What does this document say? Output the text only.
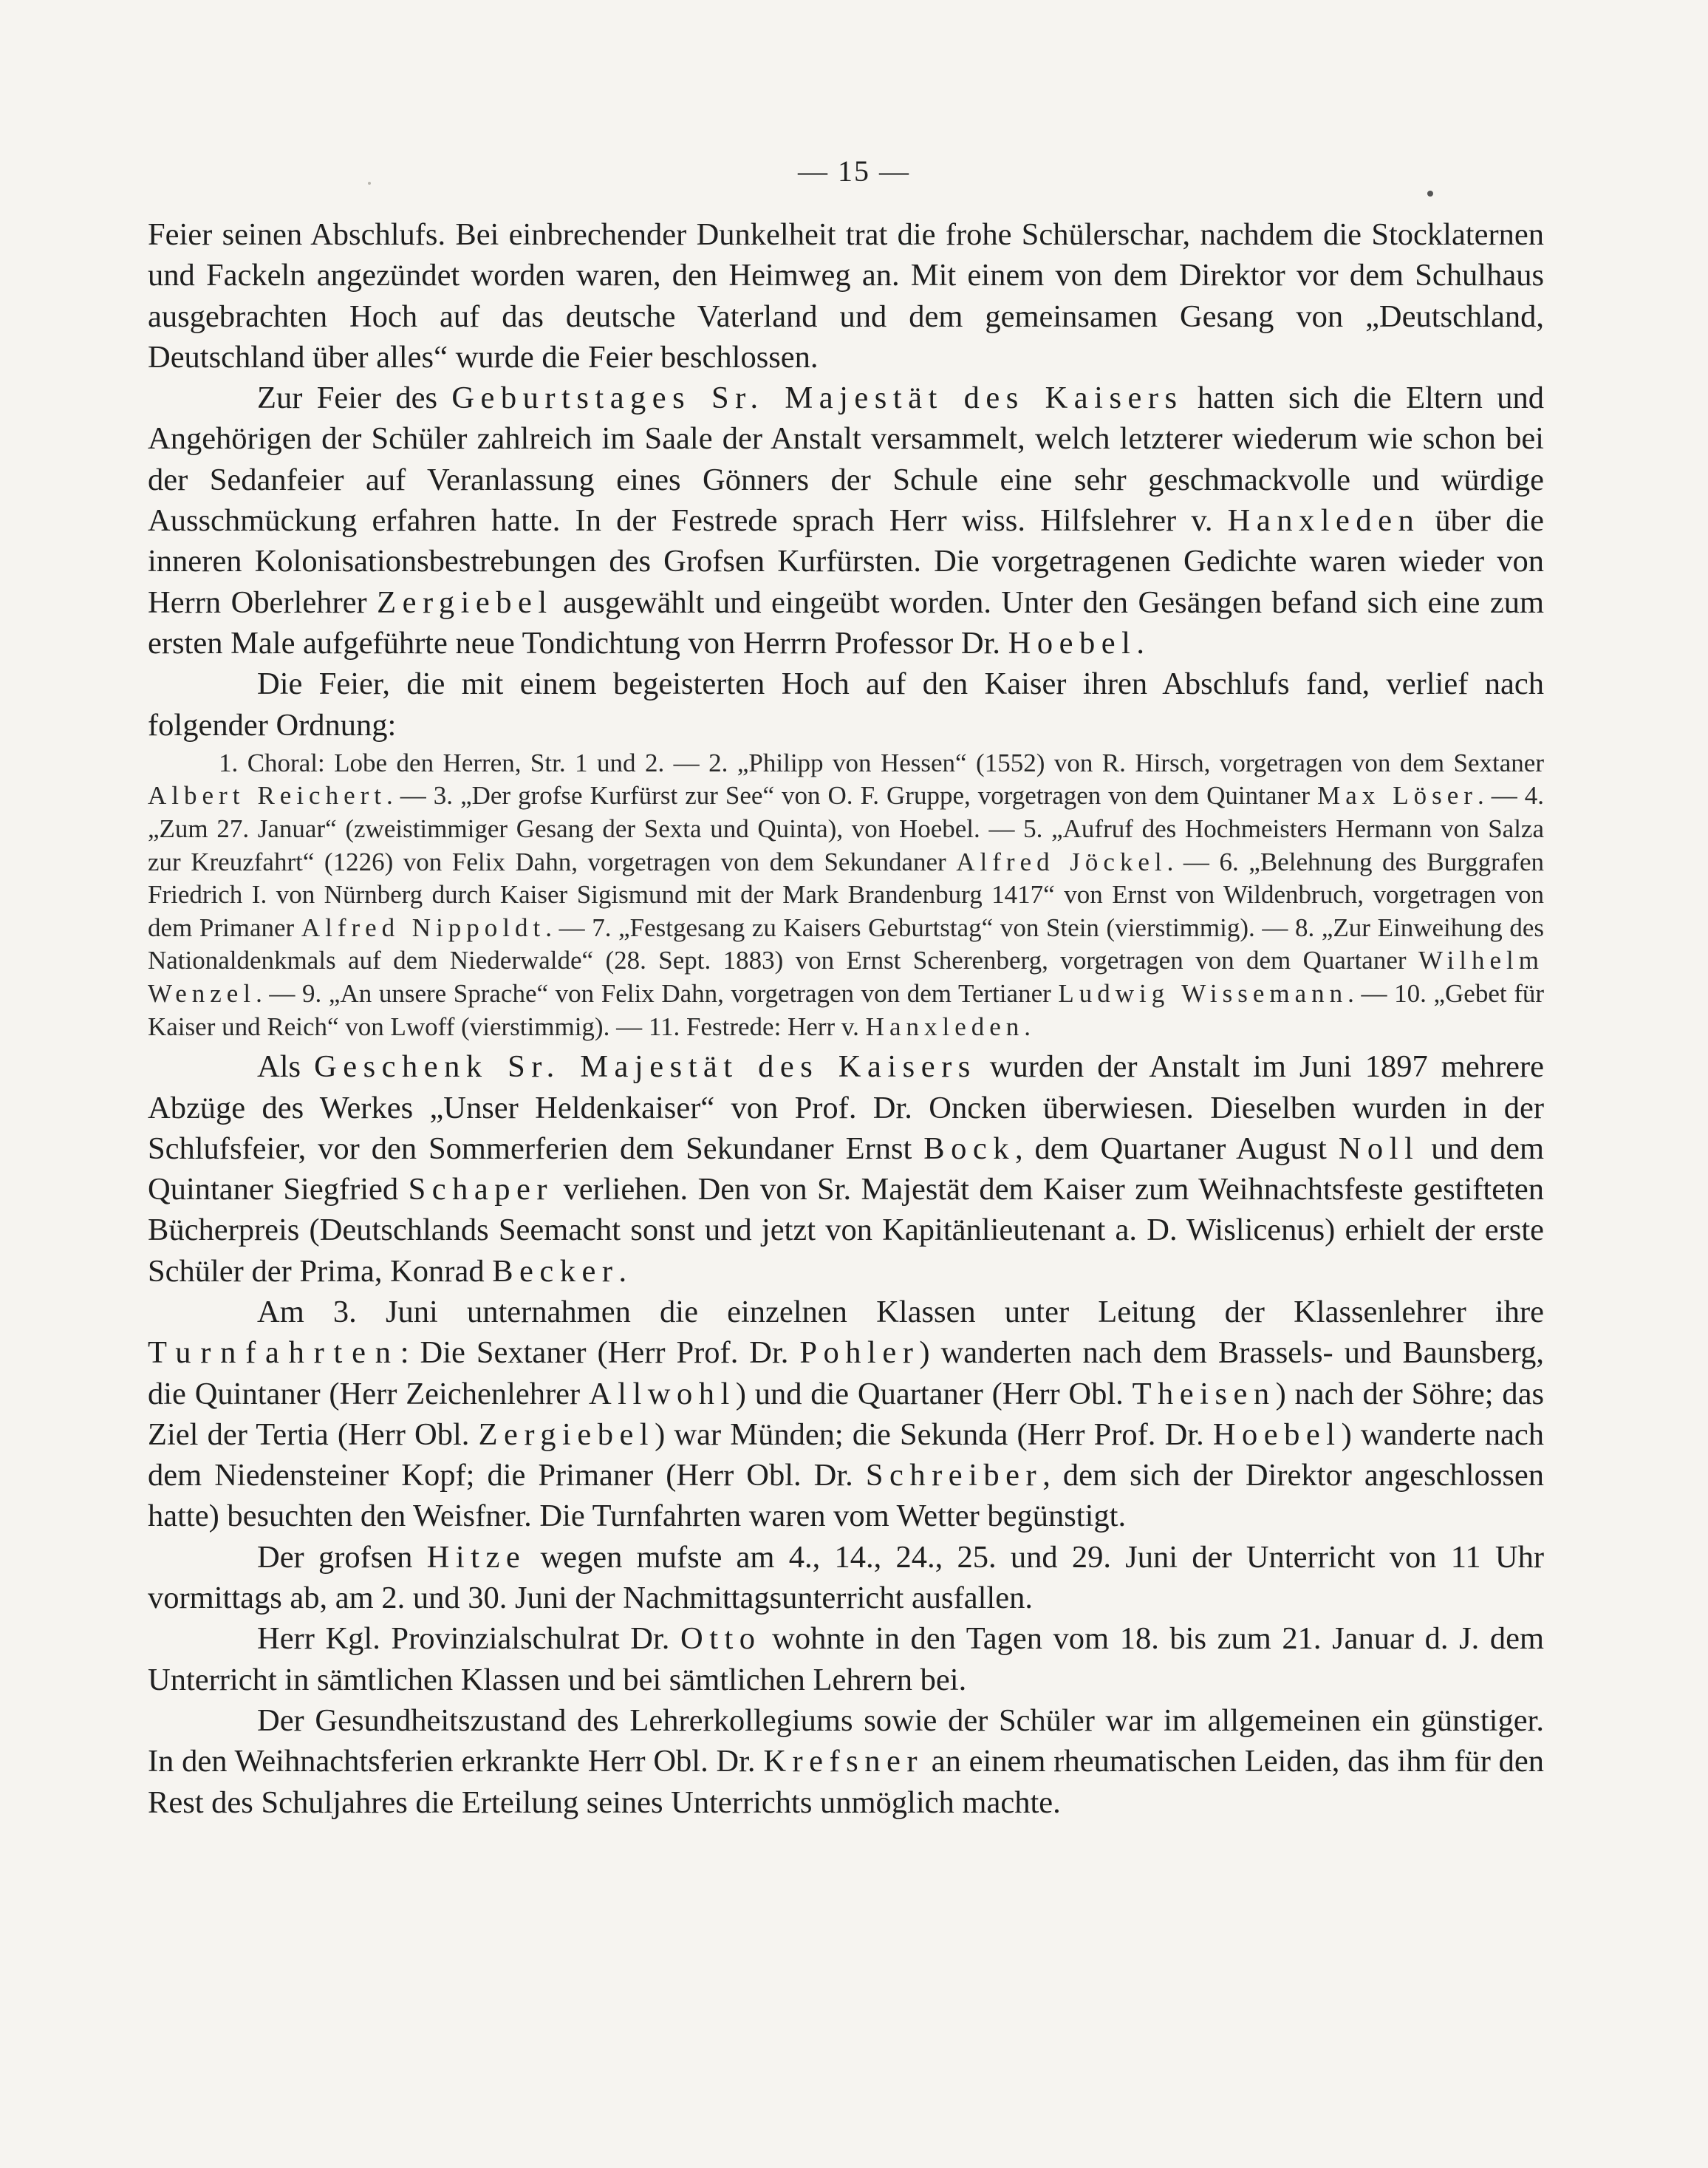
— 15 —

Feier seinen Abschlufs. Bei einbrechender Dunkelheit trat die frohe Schülerschar, nachdem die Stocklaternen und Fackeln angezündet worden waren, den Heimweg an. Mit einem von dem Direktor vor dem Schulhaus ausgebrachten Hoch auf das deutsche Vaterland und dem gemeinsamen Gesang von „Deutschland, Deutschland über alles“ wurde die Feier beschlossen.

Zur Feier des Geburtstages Sr. Majestät des Kaisers hatten sich die Eltern und Angehörigen der Schüler zahlreich im Saale der Anstalt versammelt, welch letzterer wiederum wie schon bei der Sedanfeier auf Veranlassung eines Gönners der Schule eine sehr geschmackvolle und würdige Ausschmückung erfahren hatte. In der Festrede sprach Herr wiss. Hilfslehrer v. Hanxleden über die inneren Kolonisationsbestrebungen des Grofsen Kurfürsten. Die vorgetragenen Gedichte waren wieder von Herrn Oberlehrer Zergiebel ausgewählt und eingeübt worden. Unter den Gesängen befand sich eine zum ersten Male aufgeführte neue Tondichtung von Herrrn Professor Dr. Hoebel.

Die Feier, die mit einem begeisterten Hoch auf den Kaiser ihren Abschlufs fand, verlief nach folgender Ordnung:

1. Choral: Lobe den Herren, Str. 1 und 2. — 2. „Philipp von Hessen“ (1552) von R. Hirsch, vorgetragen von dem Sextaner Albert Reichert. — 3. „Der grofse Kurfürst zur See“ von O. F. Gruppe, vorgetragen von dem Quintaner Max Löser. — 4. „Zum 27. Januar“ (zweistimmiger Gesang der Sexta und Quinta), von Hoebel. — 5. „Aufruf des Hochmeisters Hermann von Salza zur Kreuzfahrt“ (1226) von Felix Dahn, vorgetragen von dem Sekundaner Alfred Jöckel. — 6. „Belehnung des Burggrafen Friedrich I. von Nürnberg durch Kaiser Sigismund mit der Mark Brandenburg 1417“ von Ernst von Wildenbruch, vorgetragen von dem Primaner Alfred Nippoldt. — 7. „Festgesang zu Kaisers Geburtstag“ von Stein (vierstimmig). — 8. „Zur Einweihung des Nationaldenkmals auf dem Niederwalde“ (28. Sept. 1883) von Ernst Scherenberg, vorgetragen von dem Quartaner Wilhelm Wenzel. — 9. „An unsere Sprache“ von Felix Dahn, vorgetragen von dem Tertianer Ludwig Wissemann. — 10. „Gebet für Kaiser und Reich“ von Lwoff (vierstimmig). — 11. Festrede: Herr v. Hanxleden.

Als Geschenk Sr. Majestät des Kaisers wurden der Anstalt im Juni 1897 mehrere Abzüge des Werkes „Unser Heldenkaiser“ von Prof. Dr. Oncken überwiesen. Dieselben wurden in der Schlufsfeier, vor den Sommerferien dem Sekundaner Ernst Bock, dem Quartaner August Noll und dem Quintaner Siegfried Schaper verliehen. Den von Sr. Majestät dem Kaiser zum Weihnachtsfeste gestifteten Bücherpreis (Deutschlands Seemacht sonst und jetzt von Kapitänlieutenant a. D. Wislicenus) erhielt der erste Schüler der Prima, Konrad Becker.

Am 3. Juni unternahmen die einzelnen Klassen unter Leitung der Klassenlehrer ihre Turnfahrten: Die Sextaner (Herr Prof. Dr. Pohler) wanderten nach dem Brassels- und Baunsberg, die Quintaner (Herr Zeichenlehrer Allwohl) und die Quartaner (Herr Obl. Theisen) nach der Söhre; das Ziel der Tertia (Herr Obl. Zergiebel) war Münden; die Sekunda (Herr Prof. Dr. Hoebel) wanderte nach dem Niedensteiner Kopf; die Primaner (Herr Obl. Dr. Schreiber, dem sich der Direktor angeschlossen hatte) besuchten den Weisfner. Die Turnfahrten waren vom Wetter begünstigt.

Der grofsen Hitze wegen mufste am 4., 14., 24., 25. und 29. Juni der Unterricht von 11 Uhr vormittags ab, am 2. und 30. Juni der Nachmittagsunterricht ausfallen.

Herr Kgl. Provinzialschulrat Dr. Otto wohnte in den Tagen vom 18. bis zum 21. Januar d. J. dem Unterricht in sämtlichen Klassen und bei sämtlichen Lehrern bei.

Der Gesundheitszustand des Lehrerkollegiums sowie der Schüler war im allgemeinen ein günstiger. In den Weihnachtsferien erkrankte Herr Obl. Dr. Krefsner an einem rheumatischen Leiden, das ihm für den Rest des Schuljahres die Erteilung seines Unterrichts unmöglich machte.
